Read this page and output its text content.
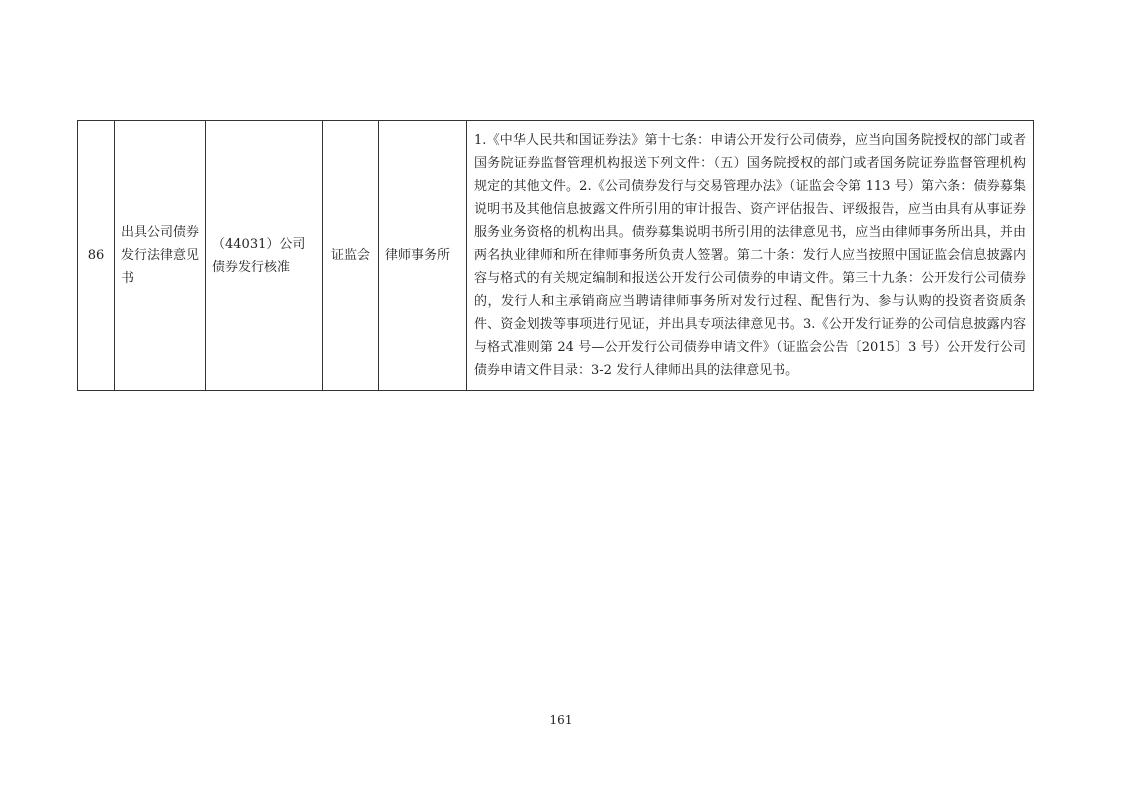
86	出具公司债券发行法律意见书	（44031）公司债券发行核准	证监会	律师事务所	1.《中华人民共和国证券法》第十七条：申请公开发行公司债券，应当向国务院授权的部门或者国务院证券监督管理机构报送下列文件：（五）国务院授权的部门或者国务院证券监督管理机构规定的其他文件。2.《公司债券发行与交易管理办法》（证监会令第 113 号）第六条：债券募集说明书及其他信息披露文件所引用的审计报告、资产评估报告、评级报告，应当由具有从事证券服务业务资格的机构出具。债券募集说明书所引用的法律意见书，应当由律师事务所出具，并由两名执业律师和所在律师事务所负责人签署。第二十条：发行人应当按照中国证监会信息披露内容与格式的有关规定编制和报送公开发行公司债券的申请文件。第三十九条：公开发行公司债券的，发行人和主承销商应当聘请律师事务所对发行过程、配售行为、参与认购的投资者资质条件、资金划拨等事项进行见证，并出具专项法律意见书。3.《公开发行证券的公司信息披露内容与格式准则第 24 号—公开发行公司债券申请文件》（证监会公告〔2015〕3 号）公开发行公司债券申请文件目录：3-2 发行人律师出具的法律意见书。
161
